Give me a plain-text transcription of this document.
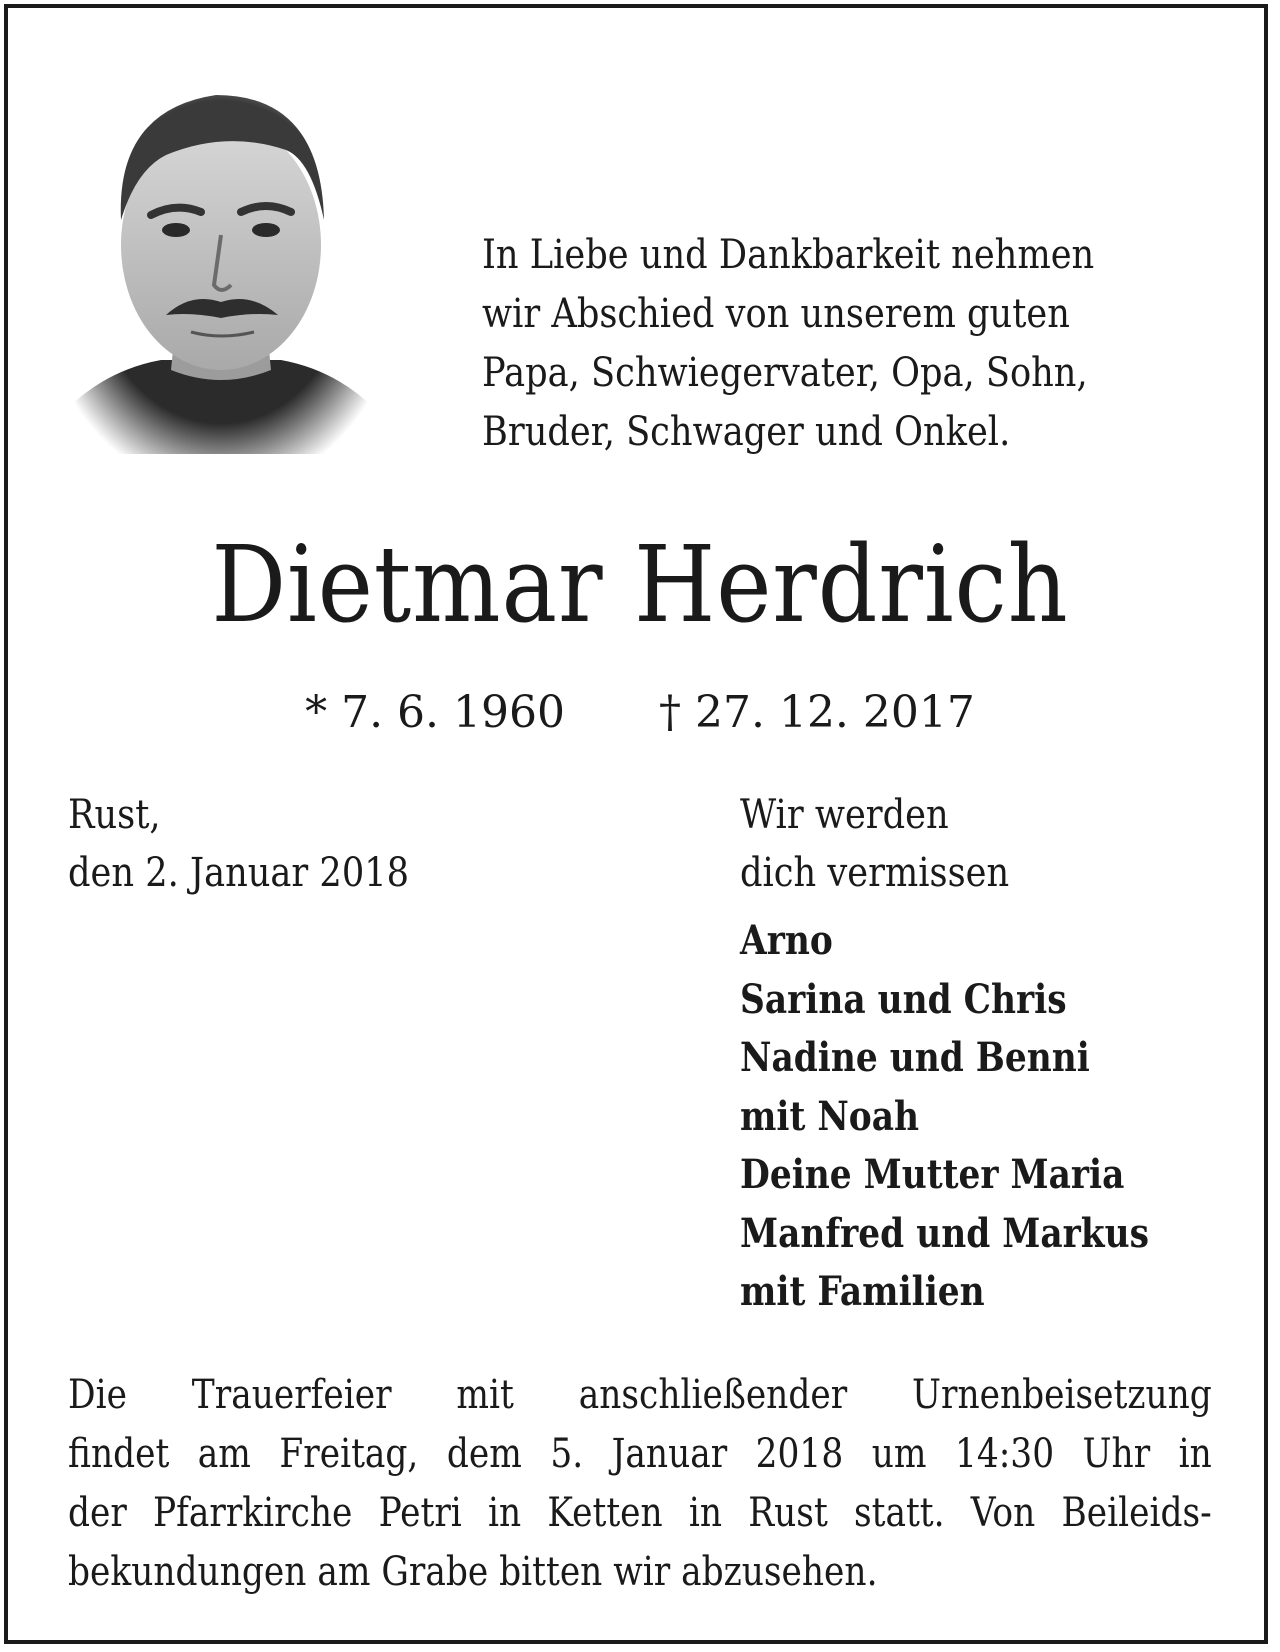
In Liebe und Dankbarkeit nehmen
wir Abschied von unserem guten
Papa, Schwiegervater, Opa, Sohn,
Bruder, Schwager und Onkel.
Dietmar Herdrich
* 7. 6. 1960 † 27. 12. 2017
Rust,
den 2. Januar 2018
Wir werden
dich vermissen
Arno
Sarina und Chris
Nadine und Benni
mit Noah
Deine Mutter Maria
Manfred und Markus
mit Familien
Die Trauerfeier mit anschließender Urnenbeisetzung
findet am Freitag, dem 5. Januar 2018 um 14:30 Uhr in
der Pfarrkirche Petri in Ketten in Rust statt. Von Beileids-
bekundungen am Grabe bitten wir abzusehen.
